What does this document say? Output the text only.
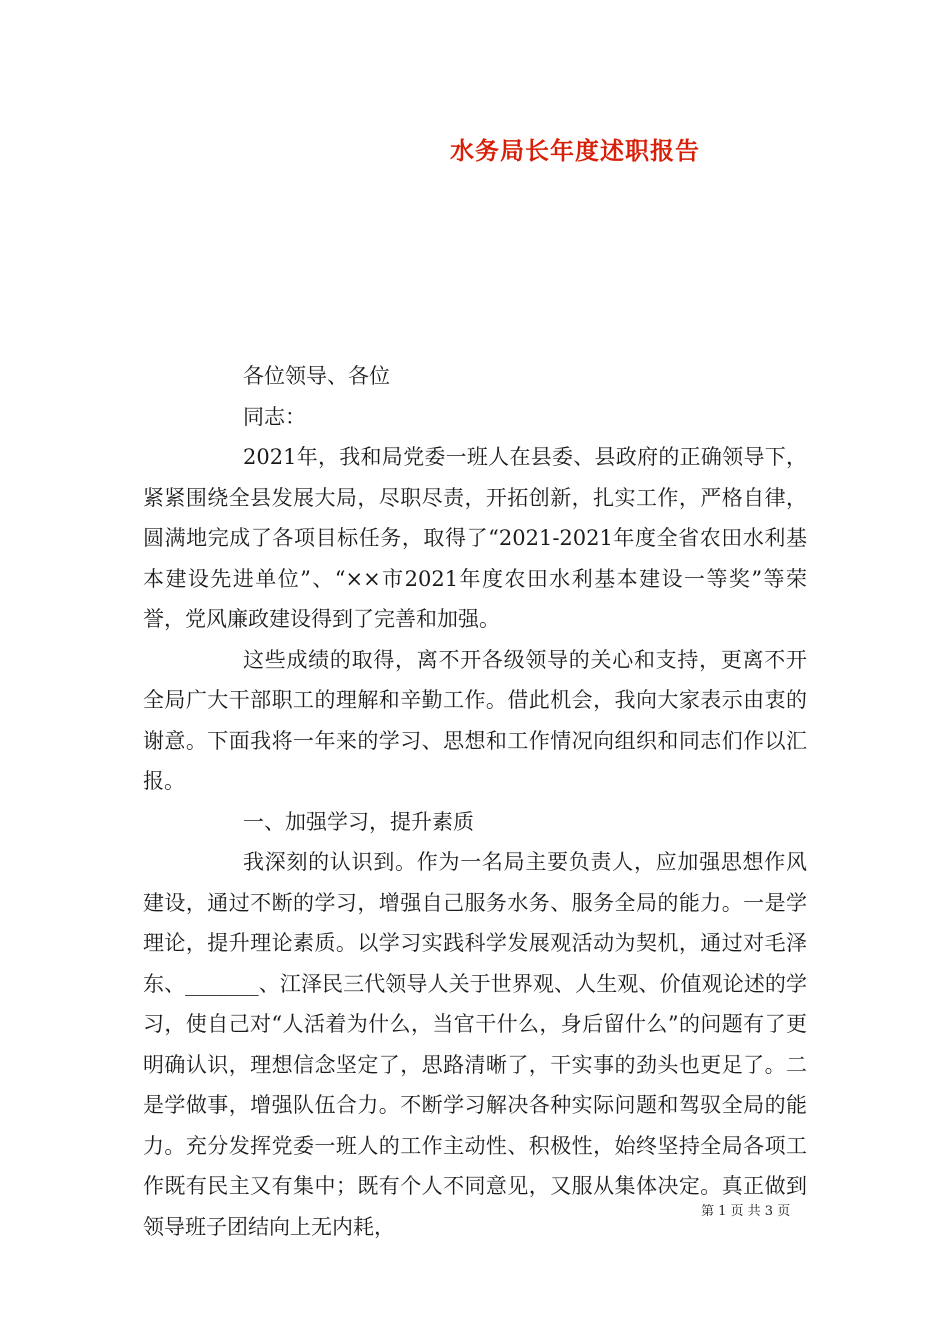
水务局长年度述职报告

各位领导、各位

同志：

2021年，我和局党委一班人在县委、县政府的正确领导下，紧紧围绕全县发展大局，尽职尽责，开拓创新，扎实工作，严格自律，圆满地完成了各项目标任务，取得了“2021-2021年度全省农田水利基本建设先进单位”、“××市2021年度农田水利基本建设一等奖”等荣誉，党风廉政建设得到了完善和加强。

这些成绩的取得，离不开各级领导的关心和支持，更离不开全局广大干部职工的理解和辛勤工作。借此机会，我向大家表示由衷的谢意。下面我将一年来的学习、思想和工作情况向组织和同志们作以汇报。

一、加强学习，提升素质

我深刻的认识到。作为一名局主要负责人，应加强思想作风建设，通过不断的学习，增强自己服务水务、服务全局的能力。一是学理论，提升理论素质。以学习实践科学发展观活动为契机，通过对毛泽东、_______、江泽民三代领导人关于世界观、人生观、价值观论述的学习，使自己对“人活着为什么，当官干什么，身后留什么”的问题有了更明确认识，理想信念坚定了，思路清晰了，干实事的劲头也更足了。二是学做事，增强队伍合力。不断学习解决各种实际问题和驾驭全局的能力。充分发挥党委一班人的工作主动性、积极性，始终坚持全局各项工作既有民主又有集中；既有个人不同意见，又服从集体决定。真正做到领导班子团结向上无内耗，

第 1 页 共 3 页
